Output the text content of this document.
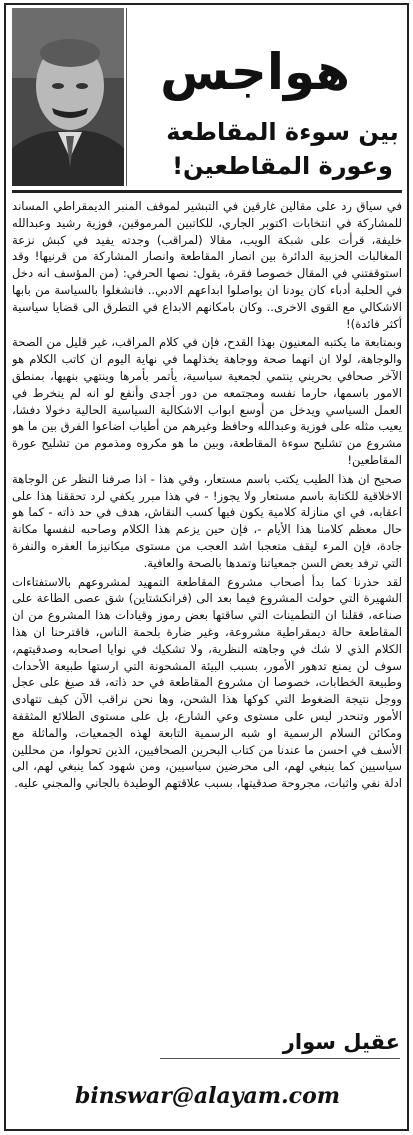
هواجس
بين سوءة المقاطعة وعورة المقاطعين!

في سياق رد على مقالين غارقين في التبشير لموقف المنبر الديمقراطي المساند للمشاركة في انتخابات اكتوبر الجاري، للكاتبين المرموقين، فوزية رشيد وعبدالله خليفة، قرأت على شبكة الويب، مقالا (لمراقب) وجدته يفيد في كبش نزعة المغالبات الحزبية الدائرة بين انصار المقاطعة وانصار المشاركة من قرنيها! وقد استوقفتني في المقال خصوصا فقرة، يقول: نصها الحرفي: (من المؤسف انه دخل في الحلبة أدباء كان يودنا ان يواصلوا ابداعهم الادبي.. فانشغلوا بالسياسة من بابها الاشكالي مع القوى الاخرى.. وكان بامكانهم الابداع في التطرق الى قضايا سياسية أكثر فائدة)!

وبمتابعة ما يكتبه المعنيون بهذا القدح، فإن في كلام المراقب، غير قليل من الصحة والوجاهة، لولا ان انهما صحة ووجاهة يخذلهما في نهاية اليوم ان كاتب الكلام هو الآخر صحافي بحريني ينتمي لجمعية سياسية، يأتمر بأمرها وينتهي بنهيها، بمنطق الامور باسمها، حارما نفسه ومجتمعه من دور أجدى وأنفع لو انه لم ينخرط في العمل السياسي ويدخل من أوسع ابواب الاشكالية السياسية الحالية دخولا دفشا، يعيب مثله على فوزية وعبدالله وحافظ وغيرهم من أطياب اضاعوا الفرق بين ما هو مشروع من تشليح سوءة المقاطعة، وبين ما هو مكروه ومذموم من تشليح عورة المقاطعين!

صحيح ان هذا الطيب يكتب باسم مستعار، وفي هذا - اذا صرفنا النظر عن الوجاهة الاخلاقية للكتابة باسم مستعار ولا يجوز! - في هذا مبرر يكفي لرد تحققنا هذا على اعقابه، في اي منازلة كلامية يكون فيها كسب النقاش، هدف في حد ذاته - كما هو حال معظم كلامنا هذا الأيام -، فإن حين يزعم هذا الكلام وصاحبه لنفسها مكانة جادة، فإن المرء ليقف متعجبا اشد العجب من مستوى ميكانيزما العفره والنفرة التي ترفد بعض السن جمعياتنا وتمدها بالصحة والعافية.

لقد حذرنا كما بدأ أصحاب مشروع المقاطعة التمهيد لمشروعهم بالاستفتاءات الشهيرة التي حولت المشروع فيما بعد الى (فرانكشتاين) شق عصى الطاعة على صناعه، فقلنا ان التطمينات التي ساقتها بعض رموز وقيادات هذا المشروع من ان المقاطعة حالة ديمقراطية مشروعة، وغير ضارة بلحمة الناس، فاقترحنا ان هذا الكلام الذي لا شك في وجاهته النظرية، ولا تشكيك في نوايا اصحابه وصدقيتهم، سوف لن يمنع تدهور الأمور، بسبب البيئة المشحونة التي ارستها طبيعة الأحداث وطبيعة الخطابات، خصوصا ان مشروع المقاطعة في حد ذاته، قد صيغ على عجل ووجل نتيجة الضغوط التي كوكها هذا الشحن، وها نحن نراقب الآن كيف تتهادى الأمور وتنحدر ليس على مستوى وعي الشارع، بل على مستوى الطلائع المثقفة ومكائن السلام الرسمية او شبه الرسمية التابعة لهذه الجمعيات، والماثلة مع الأسف في احسن ما عندنا من كتاب البحرين الصحافيين، الذين تحولوا، من محللين سياسيين كما ينبغي لهم، الى محرضين سياسيين، ومن شهود كما ينبغي لهم، الى ادلة نفي واثبات، مجروحة صدقيتها، بسبب علاقتهم الوطيدة بالجاني والمجني عليه.

عقيل سوار
binswar@alayam.com
